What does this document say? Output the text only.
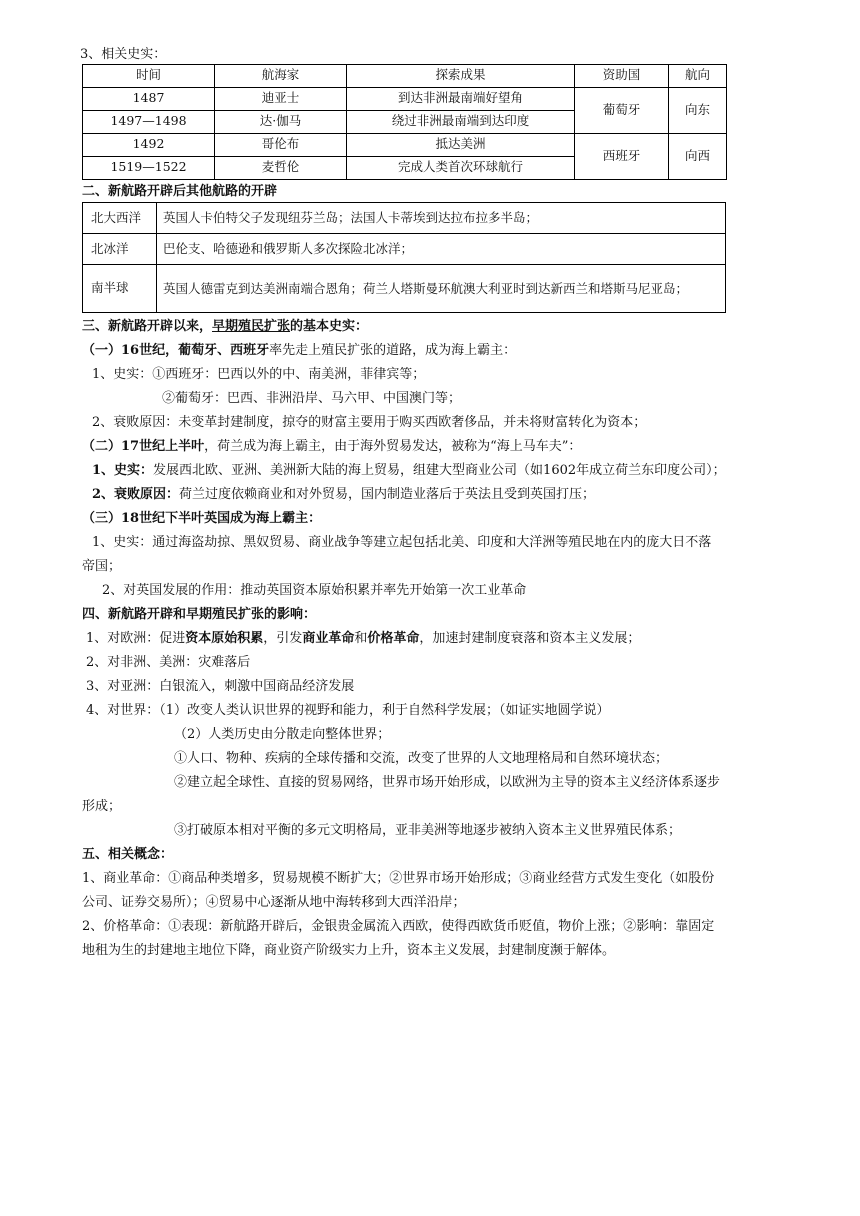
3、相关史实：
时间	航海家	探索成果	资助国	航向
1487	迪亚士	到达非洲最南端好望角	葡萄牙	向东
1497—1498	达·伽马	绕过非洲最南端到达印度		
1492	哥伦布	抵达美洲	西班牙	向西
1519—1522	麦哲伦	完成人类首次环球航行		
二、新航路开辟后其他航路的开辟
北大西洋	英国人卡伯特父子发现纽芬兰岛；法国人卡蒂埃到达拉布拉多半岛；
北冰洋	巴伦支、哈德逊和俄罗斯人多次探险北冰洋；
南半球	英国人德雷克到达美洲南端合恩角；荷兰人塔斯曼环航澳大利亚时到达新西兰和塔斯马尼亚岛；
三、新航路开辟以来，早期殖民扩张的基本史实：
（一）16世纪，葡萄牙、西班牙率先走上殖民扩张的道路，成为海上霸主：
1、史实：①西班牙：巴西以外的中、南美洲，菲律宾等；
②葡萄牙：巴西、非洲沿岸、马六甲、中国澳门等；
2、衰败原因：未变革封建制度，掠夺的财富主要用于购买西欧奢侈品，并未将财富转化为资本；
（二）17世纪上半叶，荷兰成为海上霸主，由于海外贸易发达，被称为“海上马车夫”：
1、史实：发展西北欧、亚洲、美洲新大陆的海上贸易，组建大型商业公司（如1602年成立荷兰东印度公司）；
2、衰败原因：荷兰过度依赖商业和对外贸易，国内制造业落后于英法且受到英国打压；
（三）18世纪下半叶英国成为海上霸主：
1、史实：通过海盗劫掠、黑奴贸易、商业战争等建立起包括北美、印度和大洋洲等殖民地在内的庞大日不落
帝国；
2、对英国发展的作用：推动英国资本原始积累并率先开始第一次工业革命
四、新航路开辟和早期殖民扩张的影响：
1、对欧洲：促进资本原始积累，引发商业革命和价格革命，加速封建制度衰落和资本主义发展；
2、对非洲、美洲：灾难落后
3、对亚洲：白银流入，刺激中国商品经济发展
4、对世界：（1）改变人类认识世界的视野和能力，利于自然科学发展；（如证实地圆学说）
（2）人类历史由分散走向整体世界；
①人口、物种、疾病的全球传播和交流，改变了世界的人文地理格局和自然环境状态；
②建立起全球性、直接的贸易网络，世界市场开始形成，以欧洲为主导的资本主义经济体系逐步
形成；
③打破原本相对平衡的多元文明格局，亚非美洲等地逐步被纳入资本主义世界殖民体系；
五、相关概念：
1、商业革命：①商品种类增多，贸易规模不断扩大；②世界市场开始形成；③商业经营方式发生变化（如股份
公司、证券交易所）；④贸易中心逐渐从地中海转移到大西洋沿岸；
2、价格革命：①表现：新航路开辟后，金银贵金属流入西欧，使得西欧货币贬值，物价上涨；②影响：靠固定
地租为生的封建地主地位下降，商业资产阶级实力上升，资本主义发展，封建制度濒于解体。
